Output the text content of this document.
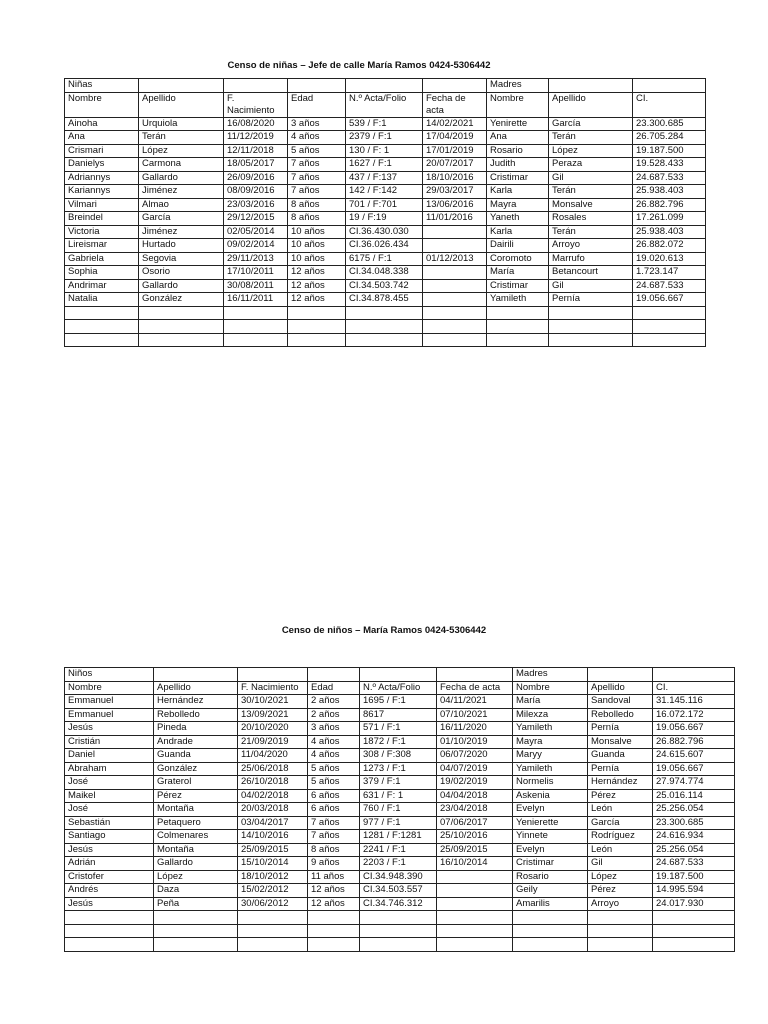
Censo de niñas – Jefe de calle María Ramos 0424-5306442
Niñas						Madres		
Nombre	Apellido	F. Nacimiento	Edad	N.º Acta/Folio	Fecha de acta	Nombre	Apellido	CI.
Ainoha	Urquiola	16/08/2020	3 años	539 / F:1	14/02/2021	Yenirette	García	23.300.685
Ana	Terán	11/12/2019	4 años	2379 / F:1	17/04/2019	Ana	Terán	26.705.284
Crismari	López	12/11/2018	5 años	130 / F: 1	17/01/2019	Rosario	López	19.187.500
Danielys	Carmona	18/05/2017	7 años	1627 / F:1	20/07/2017	Judith	Peraza	19.528.433
Adriannys	Gallardo	26/09/2016	7 años	437 / F:137	18/10/2016	Cristimar	Gil	24.687.533
Kariannys	Jiménez	08/09/2016	7 años	142 / F:142	29/03/2017	Karla	Terán	25.938.403
Vilmari	Almao	23/03/2016	8 años	701 / F:701	13/06/2016	Mayra	Monsalve	26.882.796
Breindel	García	29/12/2015	8 años	19 / F:19	11/01/2016	Yaneth	Rosales	17.261.099
Victoria	Jiménez	02/05/2014	10 años	CI.36.430.030		Karla	Terán	25.938.403
Lireismar	Hurtado	09/02/2014	10 años	CI.36.026.434		Dairili	Arroyo	26.882.072
Gabriela	Segovia	29/11/2013	10 años	6175 / F:1	01/12/2013	Coromoto	Marrufo	19.020.613
Sophia	Osorio	17/10/2011	12 años	CI.34.048.338		María	Betancourt	1.723.147
Andrimar	Gallardo	30/08/2011	12 años	CI.34.503.742		Cristimar	Gil	24.687.533
Natalia	González	16/11/2011	12 años	CI.34.878.455		Yamileth	Pernía	19.056.667

Censo de niños – María Ramos 0424-5306442
Niños						Madres		
Nombre	Apellido	F. Nacimiento	Edad	N.º Acta/Folio	Fecha de acta	Nombre	Apellido	CI.
Emmanuel	Hernández	30/10/2021	2 años	1695 / F:1	04/11/2021	María	Sandoval	31.145.116
Emmanuel	Rebolledo	13/09/2021	2 años	8617	07/10/2021	Milexza	Rebolledo	16.072.172
Jesús	Pineda	20/10/2020	3 años	571 / F:1	16/11/2020	Yamileth	Pernía	19.056.667
Cristián	Andrade	21/09/2019	4 años	1872 / F:1	01/10/2019	Mayra	Monsalve	26.882.796
Daniel	Guanda	11/04/2020	4 años	308 / F:308	06/07/2020	Maryy	Guanda	24.615.607
Abraham	González	25/06/2018	5 años	1273 / F:1	04/07/2019	Yamileth	Pernía	19.056.667
José	Graterol	26/10/2018	5 años	379 / F:1	19/02/2019	Normelis	Hernández	27.974.774
Maikel	Pérez	04/02/2018	6 años	631 / F: 1	04/04/2018	Askenia	Pérez	25.016.114
José	Montaña	20/03/2018	6 años	760 / F:1	23/04/2018	Evelyn	León	25.256.054
Sebastián	Petaquero	03/04/2017	7 años	977 / F:1	07/06/2017	Yenierette	García	23.300.685
Santiago	Colmenares	14/10/2016	7 años	1281 / F:1281	25/10/2016	Yinnete	Rodríguez	24.616.934
Jesús	Montaña	25/09/2015	8 años	2241 / F:1	25/09/2015	Evelyn	León	25.256.054
Adrián	Gallardo	15/10/2014	9 años	2203 / F:1	16/10/2014	Cristimar	Gil	24.687.533
Cristofer	López	18/10/2012	11 años	CI.34.948.390		Rosario	López	19.187.500
Andrés	Daza	15/02/2012	12 años	CI.34.503.557		Geily	Pérez	14.995.594
Jesús	Peña	30/06/2012	12 años	CI.34.746.312		Amarilis	Arroyo	24.017.930
